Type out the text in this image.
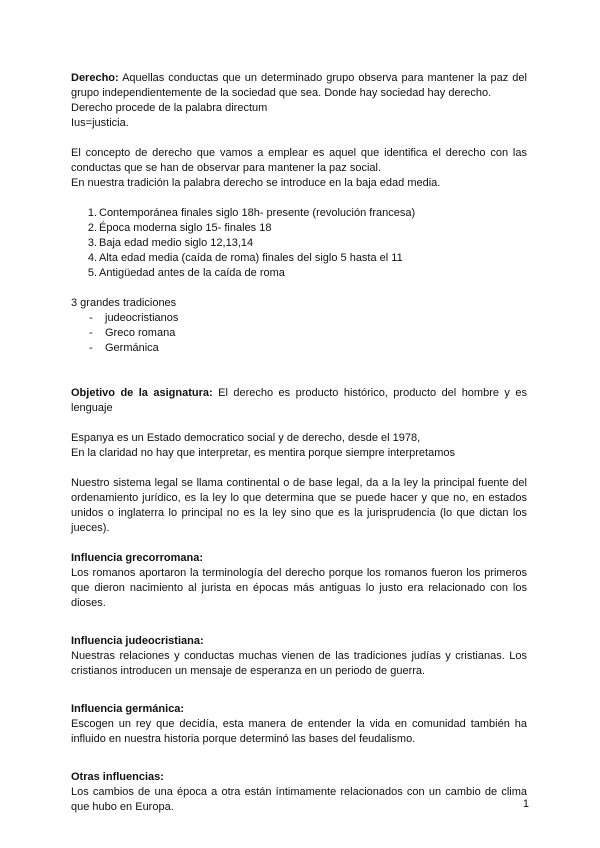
Derecho: Aquellas conductas que un determinado grupo observa para mantener la paz del grupo independientemente de la sociedad que sea. Donde hay sociedad hay derecho.

Derecho procede de la palabra directum

Ius=justicia.

El concepto de derecho que vamos a emplear es aquel que identifica el derecho con las conductas que se han de observar para mantener la paz social.

En nuestra tradición la palabra derecho se introduce en la baja edad media.

1 . Contemporánea finales siglo 18h- presente (revolución francesa)
2 . Época moderna siglo 15- finales 18
3 . Baja edad medio siglo 12,13,14
4 . Alta edad media (caída de roma) finales del siglo 5 hasta el 11
5 . Antigüedad antes de la caída de roma

3 grandes tradiciones

- judeocristianos
- Greco romana
- Germánica

Objetivo de la asignatura: El derecho es producto histórico, producto del hombre y es lenguaje

Espanya es un Estado democratico social y de derecho, desde el 1978,

En la claridad no hay que interpretar, es mentira porque siempre interpretamos

Nuestro sistema legal se llama continental o de base legal, da a la ley la principal fuente del ordenamiento jurídico, es la ley lo que determina que se puede hacer y que no, en estados unidos o inglaterra lo principal no es la ley sino que es la jurisprudencia (lo que dictan los jueces).

Influencia grecorromana:

Los romanos aportaron la terminología del derecho porque los romanos fueron los primeros que dieron nacimiento al jurista en épocas más antiguas lo justo era relacionado con los dioses.

Influencia judeocristiana:

Nuestras relaciones y conductas muchas vienen de las tradiciones judías y cristianas. Los cristianos introducen un mensaje de esperanza en un periodo de guerra.

Influencia germánica:

Escogen un rey que decidía, esta manera de entender la vida en comunidad también ha influido en nuestra historia porque determinó las bases del feudalismo.

Otras influencias:

Los cambios de una época a otra están íntimamente relacionados con un cambio de clima que hubo en Europa.	1
